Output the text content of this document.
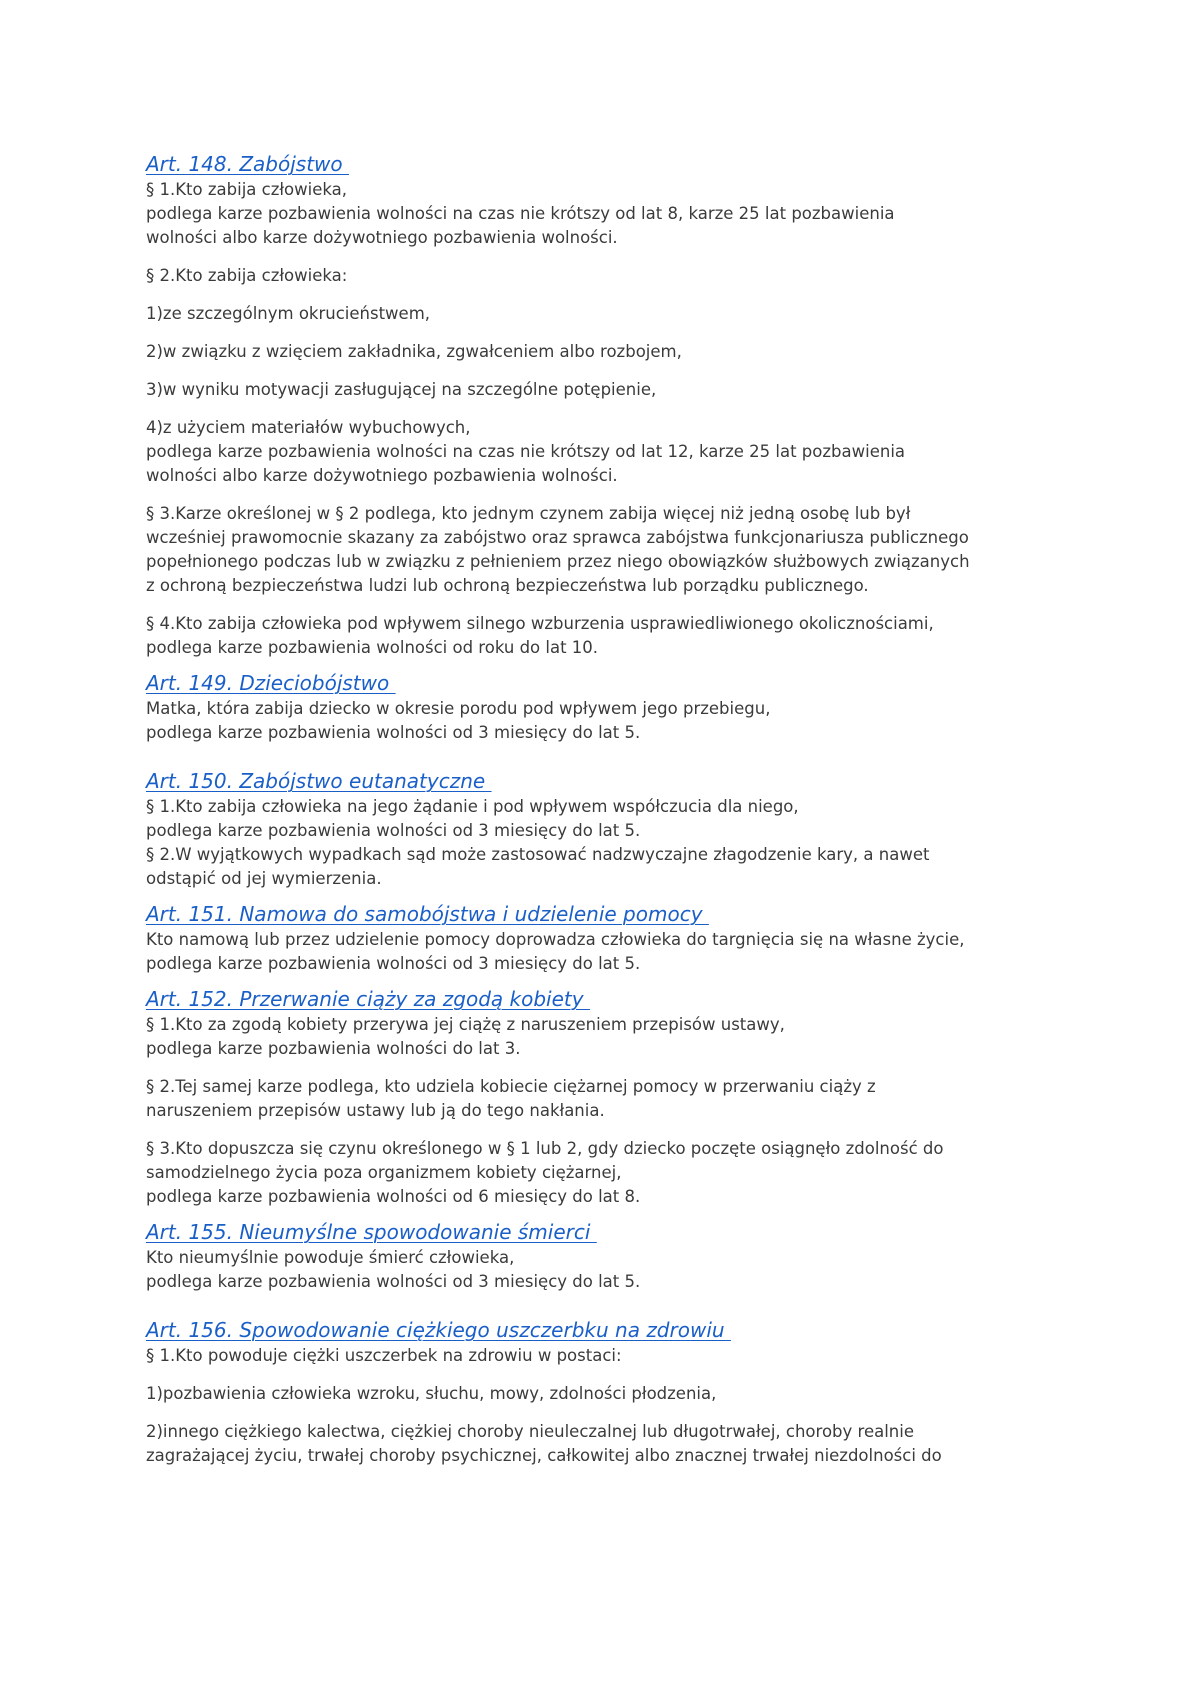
Art. 148. Zabójstwo

§ 1.Kto zabija człowieka,
podlega karze pozbawienia wolności na czas nie krótszy od lat 8, karze 25 lat pozbawienia
wolności albo karze dożywotniego pozbawienia wolności.

§ 2.Kto zabija człowieka:

1)ze szczególnym okrucieństwem,

2)w związku z wzięciem zakładnika, zgwałceniem albo rozbojem,

3)w wyniku motywacji zasługującej na szczególne potępienie,

4)z użyciem materiałów wybuchowych,
podlega karze pozbawienia wolności na czas nie krótszy od lat 12, karze 25 lat pozbawienia
wolności albo karze dożywotniego pozbawienia wolności.

§ 3.Karze określonej w § 2 podlega, kto jednym czynem zabija więcej niż jedną osobę lub był
wcześniej prawomocnie skazany za zabójstwo oraz sprawca zabójstwa funkcjonariusza publicznego
popełnionego podczas lub w związku z pełnieniem przez niego obowiązków służbowych związanych
z ochroną bezpieczeństwa ludzi lub ochroną bezpieczeństwa lub porządku publicznego.

§ 4.Kto zabija człowieka pod wpływem silnego wzburzenia usprawiedliwionego okolicznościami,
podlega karze pozbawienia wolności od roku do lat 10.

Art. 149. Dzieciobójstwo

Matka, która zabija dziecko w okresie porodu pod wpływem jego przebiegu,
podlega karze pozbawienia wolności od 3 miesięcy do lat 5.

Art. 150. Zabójstwo eutanatyczne

§ 1.Kto zabija człowieka na jego żądanie i pod wpływem współczucia dla niego,
podlega karze pozbawienia wolności od 3 miesięcy do lat 5.
§ 2.W wyjątkowych wypadkach sąd może zastosować nadzwyczajne złagodzenie kary, a nawet
odstąpić od jej wymierzenia.

Art. 151. Namowa do samobójstwa i udzielenie pomocy

Kto namową lub przez udzielenie pomocy doprowadza człowieka do targnięcia się na własne życie,
podlega karze pozbawienia wolności od 3 miesięcy do lat 5.

Art. 152. Przerwanie ciąży za zgodą kobiety

§ 1.Kto za zgodą kobiety przerywa jej ciążę z naruszeniem przepisów ustawy,
podlega karze pozbawienia wolności do lat 3.

§ 2.Tej samej karze podlega, kto udziela kobiecie ciężarnej pomocy w przerwaniu ciąży z
naruszeniem przepisów ustawy lub ją do tego nakłania.

§ 3.Kto dopuszcza się czynu określonego w § 1 lub 2, gdy dziecko poczęte osiągnęło zdolność do
samodzielnego życia poza organizmem kobiety ciężarnej,
podlega karze pozbawienia wolności od 6 miesięcy do lat 8.

Art. 155. Nieumyślne spowodowanie śmierci

Kto nieumyślnie powoduje śmierć człowieka,
podlega karze pozbawienia wolności od 3 miesięcy do lat 5.

Art. 156. Spowodowanie ciężkiego uszczerbku na zdrowiu

§ 1.Kto powoduje ciężki uszczerbek na zdrowiu w postaci:

1)pozbawienia człowieka wzroku, słuchu, mowy, zdolności płodzenia,

2)innego ciężkiego kalectwa, ciężkiej choroby nieuleczalnej lub długotrwałej, choroby realnie
zagrażającej życiu, trwałej choroby psychicznej, całkowitej albo znacznej trwałej niezdolności do
